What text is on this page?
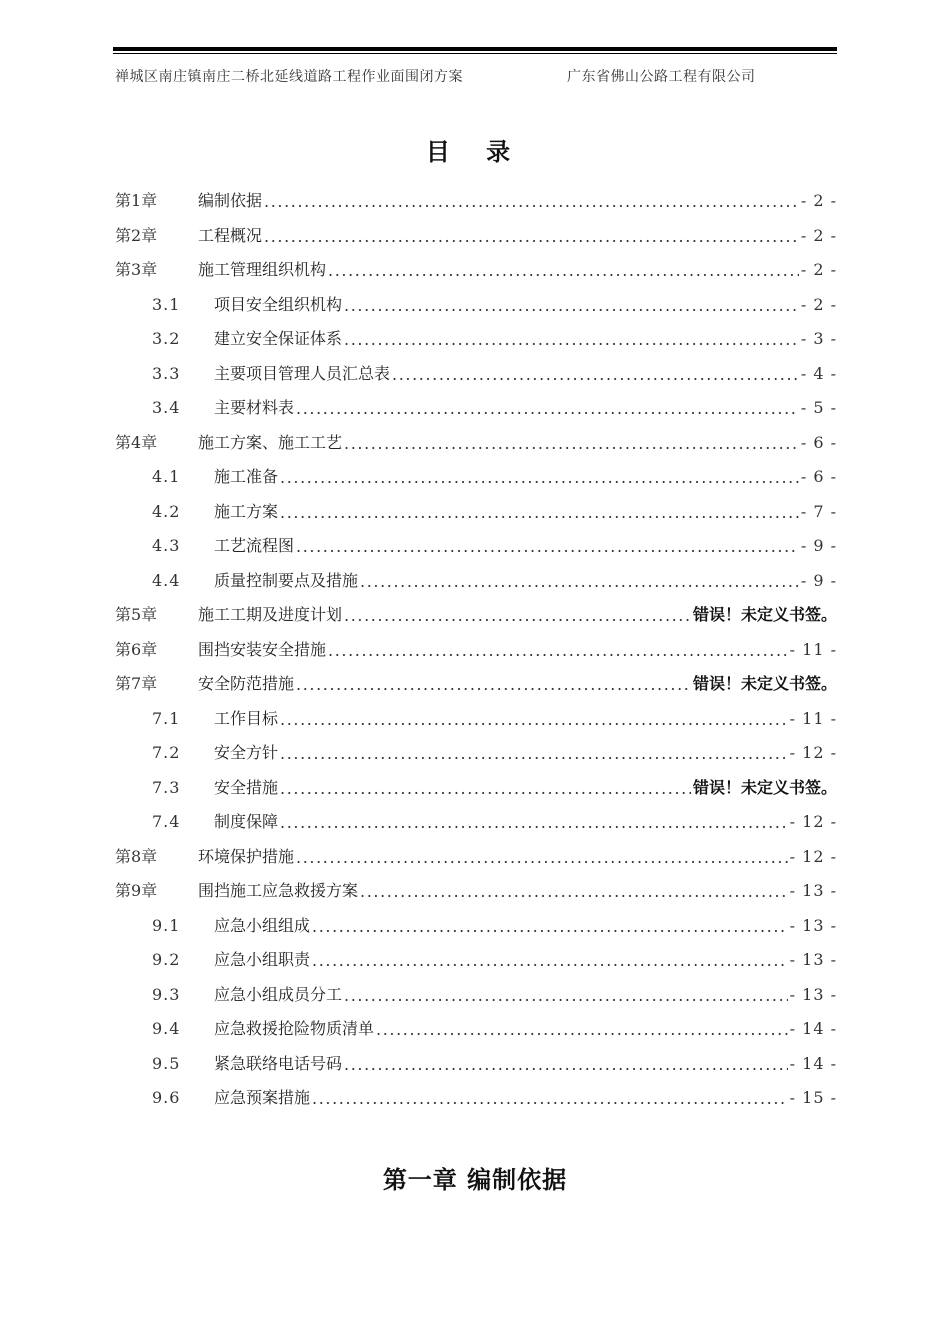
禅城区南庄镇南庄二桥北延线道路工程作业面围闭方案	广东省佛山公路工程有限公司
目 录
第1章	编制依据 .....	- 2 -
第2章	工程概况 .....	- 2 -
第3章	施工管理组织机构 .....	- 2 -
3.1	项目安全组织机构 .....	- 2 -
3.2	建立安全保证体系 .....	- 3 -
3.3	主要项目管理人员汇总表 .....	- 4 -
3.4	主要材料表 .....	- 5 -
第4章	施工方案、施工工艺 .....	- 6 -
4.1	施工准备 .....	- 6 -
4.2	施工方案 .....	- 7 -
4.3	工艺流程图 .....	- 9 -
4.4	质量控制要点及措施 .....	- 9 -
第5章	施工工期及进度计划 .....	错误！未定义书签。
第6章	围挡安装安全措施 .....	- 11 -
第7章	安全防范措施 .....	错误！未定义书签。
7.1	工作目标 .....	- 11 -
7.2	安全方针 .....	- 12 -
7.3	安全措施 .....	错误！未定义书签。
7.4	制度保障 .....	- 12 -
第8章	环境保护措施 .....	- 12 -
第9章	围挡施工应急救援方案 .....	- 13 -
9.1	应急小组组成 .....	- 13 -
9.2	应急小组职责 .....	- 13 -
9.3	应急小组成员分工 .....	- 13 -
9.4	应急救援抢险物质清单 .....	- 14 -
9.5	紧急联络电话号码 .....	- 14 -
9.6	应急预案措施 .....	- 15 -
第一章 编制依据
